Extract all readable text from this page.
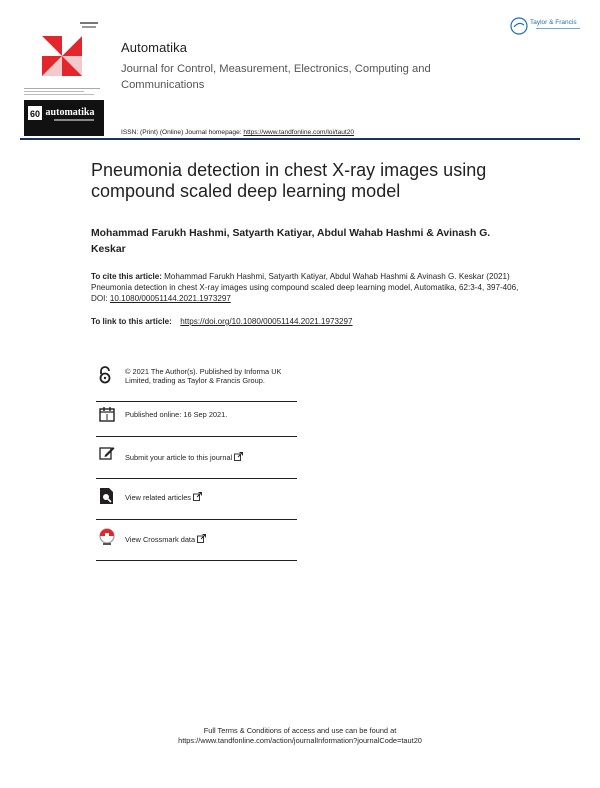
60 automatika
Automatika
Journal for Control, Measurement, Electronics, Computing and Communications
ISSN: (Print) (Online) Journal homepage: https://www.tandfonline.com/loi/taut20
Taylor & Francis
Pneumonia detection in chest X-ray images using compound scaled deep learning model
Mohammad Farukh Hashmi, Satyarth Katiyar, Abdul Wahab Hashmi & Avinash G. Keskar
To cite this article: Mohammad Farukh Hashmi, Satyarth Katiyar, Abdul Wahab Hashmi & Avinash G. Keskar (2021) Pneumonia detection in chest X-ray images using compound scaled deep learning model, Automatika, 62:3-4, 397-406, DOI: 10.1080/00051144.2021.1973297
To link to this article: https://doi.org/10.1080/00051144.2021.1973297
© 2021 The Author(s). Published by Informa UK Limited, trading as Taylor & Francis Group.
Published online: 16 Sep 2021.
Submit your article to this journal
View related articles
View Crossmark data
Full Terms & Conditions of access and use can be found at
https://www.tandfonline.com/action/journalInformation?journalCode=taut20
